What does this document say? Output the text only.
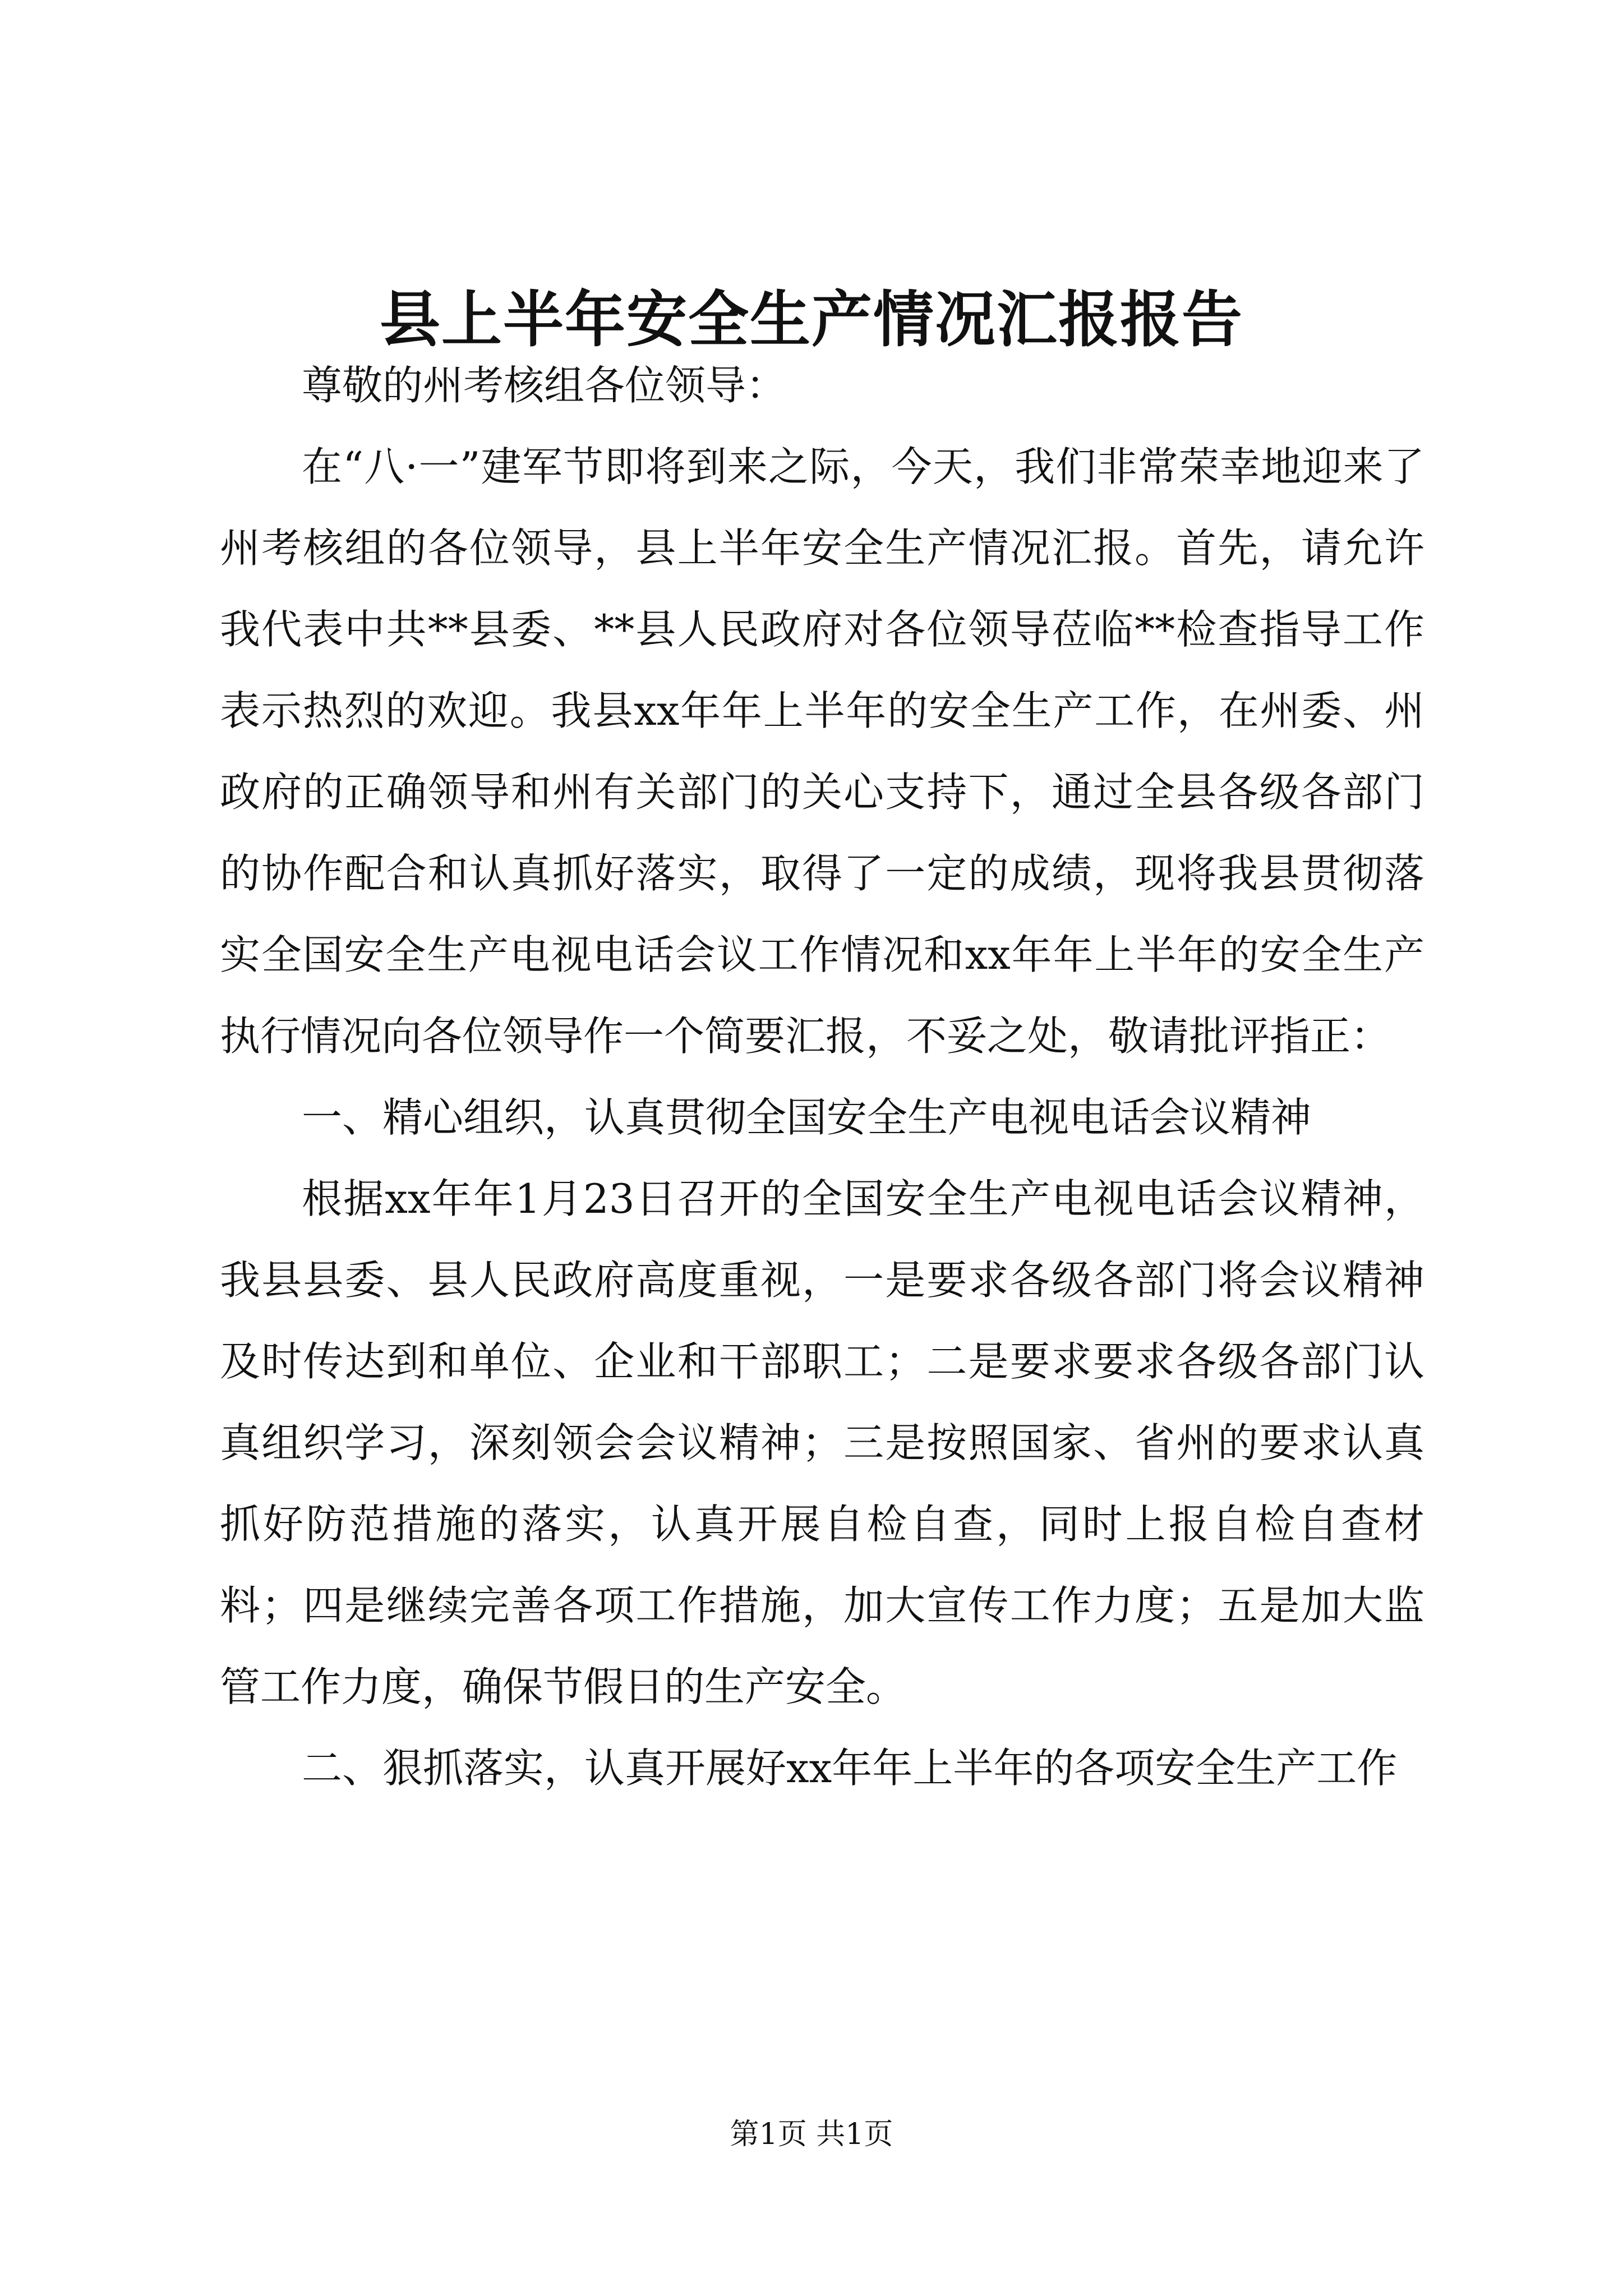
县上半年安全生产情况汇报报告

尊敬的州考核组各位领导：

在“八·一”建军节即将到来之际，今天，我们非常荣幸地迎来了州考核组的各位领导，县上半年安全生产情况汇报。首先，请允许我代表中共**县委、**县人民政府对各位领导莅临**检查指导工作表示热烈的欢迎。我县xx年年上半年的安全生产工作，在州委、州政府的正确领导和州有关部门的关心支持下，通过全县各级各部门的协作配合和认真抓好落实，取得了一定的成绩，现将我县贯彻落实全国安全生产电视电话会议工作情况和xx年年上半年的安全生产执行情况向各位领导作一个简要汇报，不妥之处，敬请批评指正：

一、精心组织，认真贯彻全国安全生产电视电话会议精神

根据xx年年1月23日召开的全国安全生产电视电话会议精神，我县县委、县人民政府高度重视，一是要求各级各部门将会议精神及时传达到和单位、企业和干部职工；二是要求要求各级各部门认真组织学习，深刻领会会议精神；三是按照国家、省州的要求认真抓好防范措施的落实，认真开展自检自查，同时上报自检自查材料；四是继续完善各项工作措施，加大宣传工作力度；五是加大监管工作力度，确保节假日的生产安全。

二、狠抓落实，认真开展好xx年年上半年的各项安全生产工作

第1页 共1页
